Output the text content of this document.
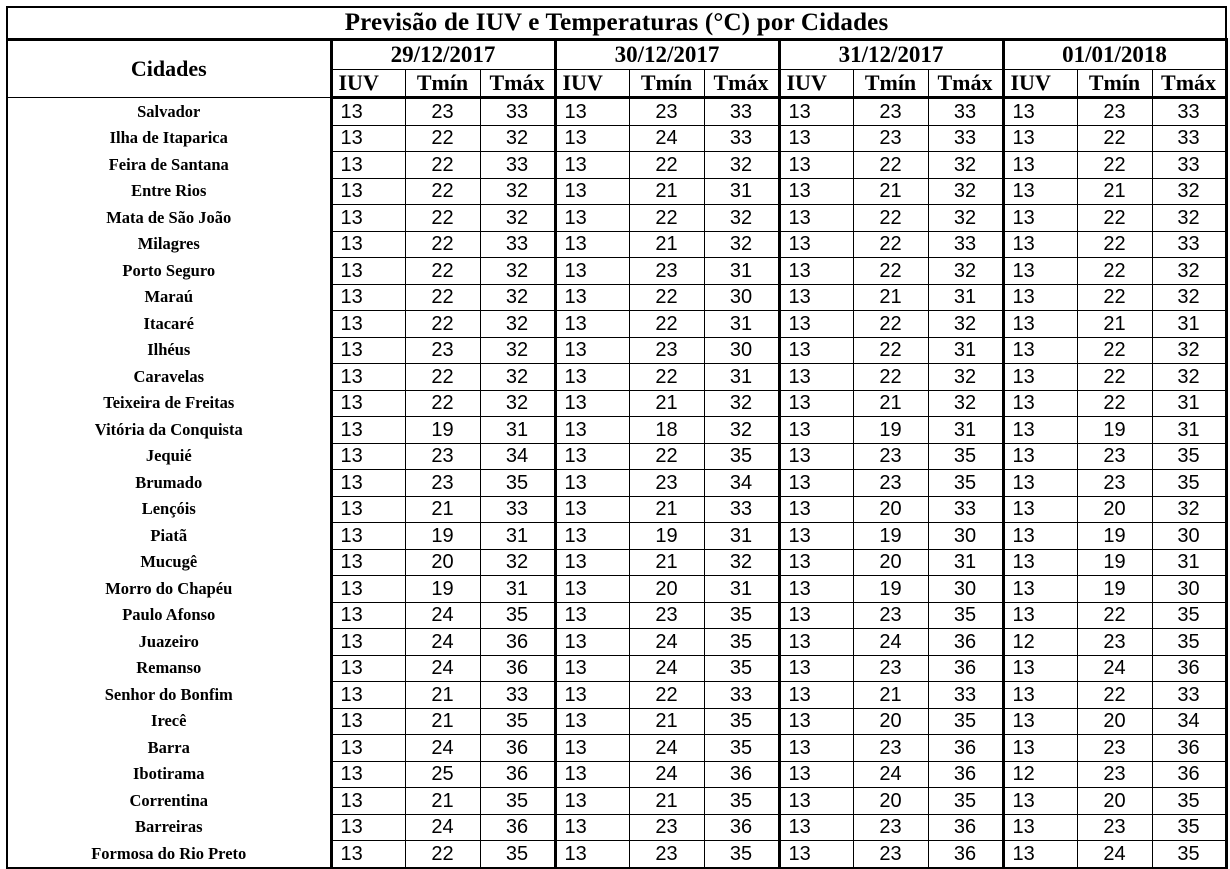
Previsão de IUV e Temperaturas (°C) por Cidades												
Cidades	29/12/2017			30/12/2017			31/12/2017			01/01/2018		
	IUV	Tmín	Tmáx	IUV	Tmín	Tmáx	IUV	Tmín	Tmáx	IUV	Tmín	Tmáx
Salvador	13	23	33	13	23	33	13	23	33	13	23	33
Ilha de Itaparica	13	22	32	13	24	33	13	23	33	13	22	33
Feira de Santana	13	22	33	13	22	32	13	22	32	13	22	33
Entre Rios	13	22	32	13	21	31	13	21	32	13	21	32
Mata de São João	13	22	32	13	22	32	13	22	32	13	22	32
Milagres	13	22	33	13	21	32	13	22	33	13	22	33
Porto Seguro	13	22	32	13	23	31	13	22	32	13	22	32
Maraú	13	22	32	13	22	30	13	21	31	13	22	32
Itacaré	13	22	32	13	22	31	13	22	32	13	21	31
Ilhéus	13	23	32	13	23	30	13	22	31	13	22	32
Caravelas	13	22	32	13	22	31	13	22	32	13	22	32
Teixeira de Freitas	13	22	32	13	21	32	13	21	32	13	22	31
Vitória da Conquista	13	19	31	13	18	32	13	19	31	13	19	31
Jequié	13	23	34	13	22	35	13	23	35	13	23	35
Brumado	13	23	35	13	23	34	13	23	35	13	23	35
Lençóis	13	21	33	13	21	33	13	20	33	13	20	32
Piatã	13	19	31	13	19	31	13	19	30	13	19	30
Mucugê	13	20	32	13	21	32	13	20	31	13	19	31
Morro do Chapéu	13	19	31	13	20	31	13	19	30	13	19	30
Paulo Afonso	13	24	35	13	23	35	13	23	35	13	22	35
Juazeiro	13	24	36	13	24	35	13	24	36	12	23	35
Remanso	13	24	36	13	24	35	13	23	36	13	24	36
Senhor do Bonfim	13	21	33	13	22	33	13	21	33	13	22	33
Irecê	13	21	35	13	21	35	13	20	35	13	20	34
Barra	13	24	36	13	24	35	13	23	36	13	23	36
Ibotirama	13	25	36	13	24	36	13	24	36	12	23	36
Correntina	13	21	35	13	21	35	13	20	35	13	20	35
Barreiras	13	24	36	13	23	36	13	23	36	13	23	35
Formosa do Rio Preto	13	22	35	13	23	35	13	23	36	13	24	35
